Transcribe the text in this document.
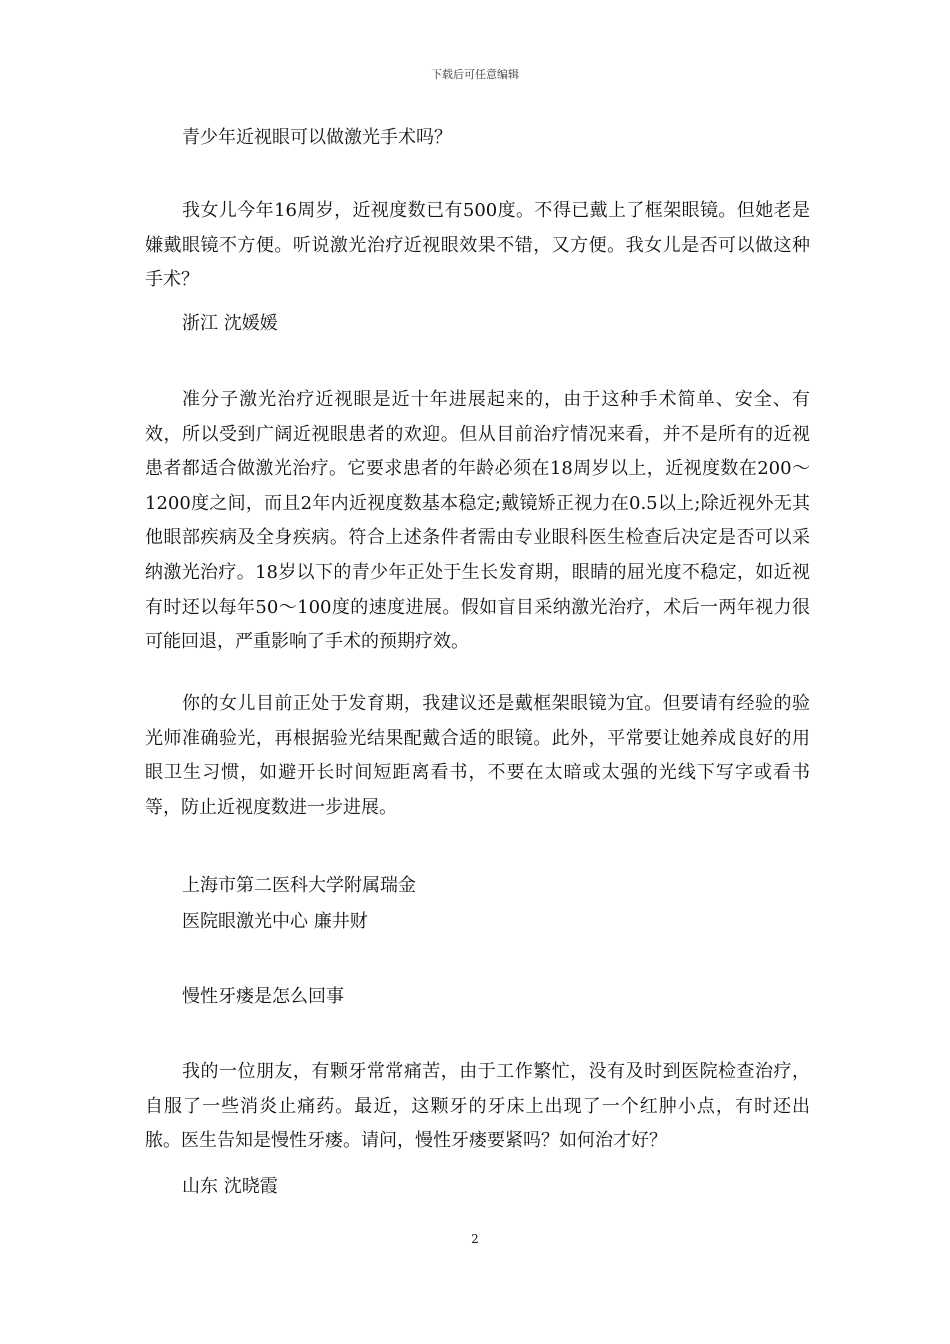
下载后可任意编辑

青少年近视眼可以做激光手术吗？

我女儿今年16周岁，近视度数已有500度。不得已戴上了框架眼镜。但她老是嫌戴眼镜不方便。听说激光治疗近视眼效果不错，又方便。我女儿是否可以做这种手术？

浙江 沈媛媛

准分子激光治疗近视眼是近十年进展起来的，由于这种手术简单、安全、有效，所以受到广阔近视眼患者的欢迎。但从目前治疗情况来看，并不是所有的近视患者都适合做激光治疗。它要求患者的年龄必须在18周岁以上，近视度数在200～1200度之间，而且2年内近视度数基本稳定;戴镜矫正视力在0.5以上;除近视外无其他眼部疾病及全身疾病。符合上述条件者需由专业眼科医生检查后决定是否可以采纳激光治疗。18岁以下的青少年正处于生长发育期，眼睛的屈光度不稳定，如近视有时还以每年50～100度的速度进展。假如盲目采纳激光治疗，术后一两年视力很可能回退，严重影响了手术的预期疗效。

你的女儿目前正处于发育期，我建议还是戴框架眼镜为宜。但要请有经验的验光师准确验光，再根据验光结果配戴合适的眼镜。此外，平常要让她养成良好的用眼卫生习惯，如避开长时间短距离看书，不要在太暗或太强的光线下写字或看书等，防止近视度数进一步进展。

上海市第二医科大学附属瑞金

医院眼激光中心 廉井财

慢性牙瘘是怎么回事

我的一位朋友，有颗牙常常痛苦，由于工作繁忙，没有及时到医院检查治疗，自服了一些消炎止痛药。最近，这颗牙的牙床上出现了一个红肿小点，有时还出脓。医生告知是慢性牙瘘。请问，慢性牙瘘要紧吗？如何治才好？

山东 沈晓霞

2
